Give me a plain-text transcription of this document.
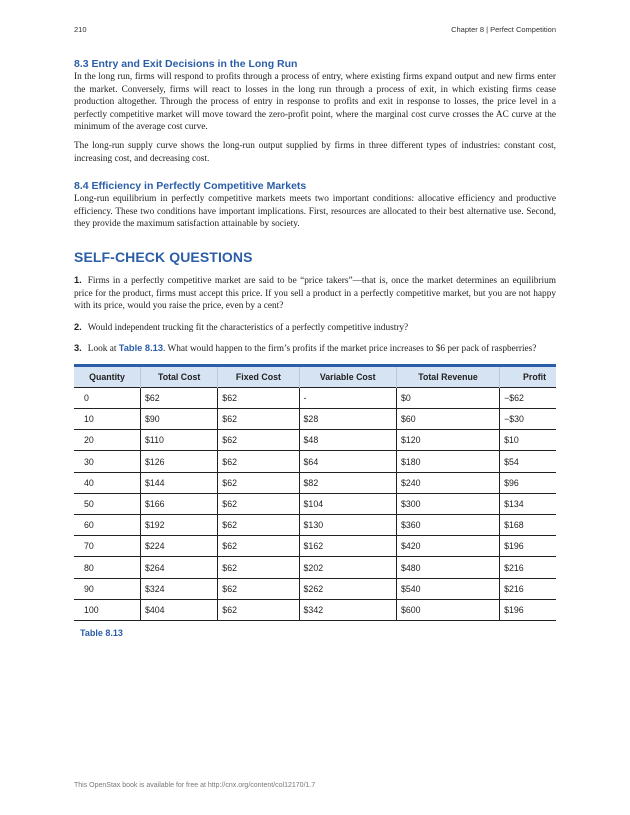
210	Chapter 8 | Perfect Competition
8.3 Entry and Exit Decisions in the Long Run

In the long run, firms will respond to profits through a process of entry, where existing firms expand output and new firms enter the market. Conversely, firms will react to losses in the long run through a process of exit, in which existing firms cease production altogether. Through the process of entry in response to profits and exit in response to losses, the price level in a perfectly competitive market will move toward the zero-profit point, where the marginal cost curve crosses the AC curve at the minimum of the average cost curve.

The long-run supply curve shows the long-run output supplied by firms in three different types of industries: constant cost, increasing cost, and decreasing cost.

8.4 Efficiency in Perfectly Competitive Markets

Long-run equilibrium in perfectly competitive markets meets two important conditions: allocative efficiency and productive efficiency. These two conditions have important implications. First, resources are allocated to their best alternative use. Second, they provide the maximum satisfaction attainable by society.

SELF-CHECK QUESTIONS

1. Firms in a perfectly competitive market are said to be “price takers”—that is, once the market determines an equilibrium price for the product, firms must accept this price. If you sell a product in a perfectly competitive market, but you are not happy with its price, would you raise the price, even by a cent?

2. Would independent trucking fit the characteristics of a perfectly competitive industry?

3. Look at Table 8.13. What would happen to the firm’s profits if the market price increases to $6 per pack of raspberries?

Quantity	Total Cost	Fixed Cost	Variable Cost	Total Revenue	Profit
0	$62	$62	-	$0	−$62
10	$90	$62	$28	$60	−$30
20	$110	$62	$48	$120	$10
30	$126	$62	$64	$180	$54
40	$144	$62	$82	$240	$96
50	$166	$62	$104	$300	$134
60	$192	$62	$130	$360	$168
70	$224	$62	$162	$420	$196
80	$264	$62	$202	$480	$216
90	$324	$62	$262	$540	$216
100	$404	$62	$342	$600	$196
Table 8.13
This OpenStax book is available for free at http://cnx.org/content/col12170/1.7
